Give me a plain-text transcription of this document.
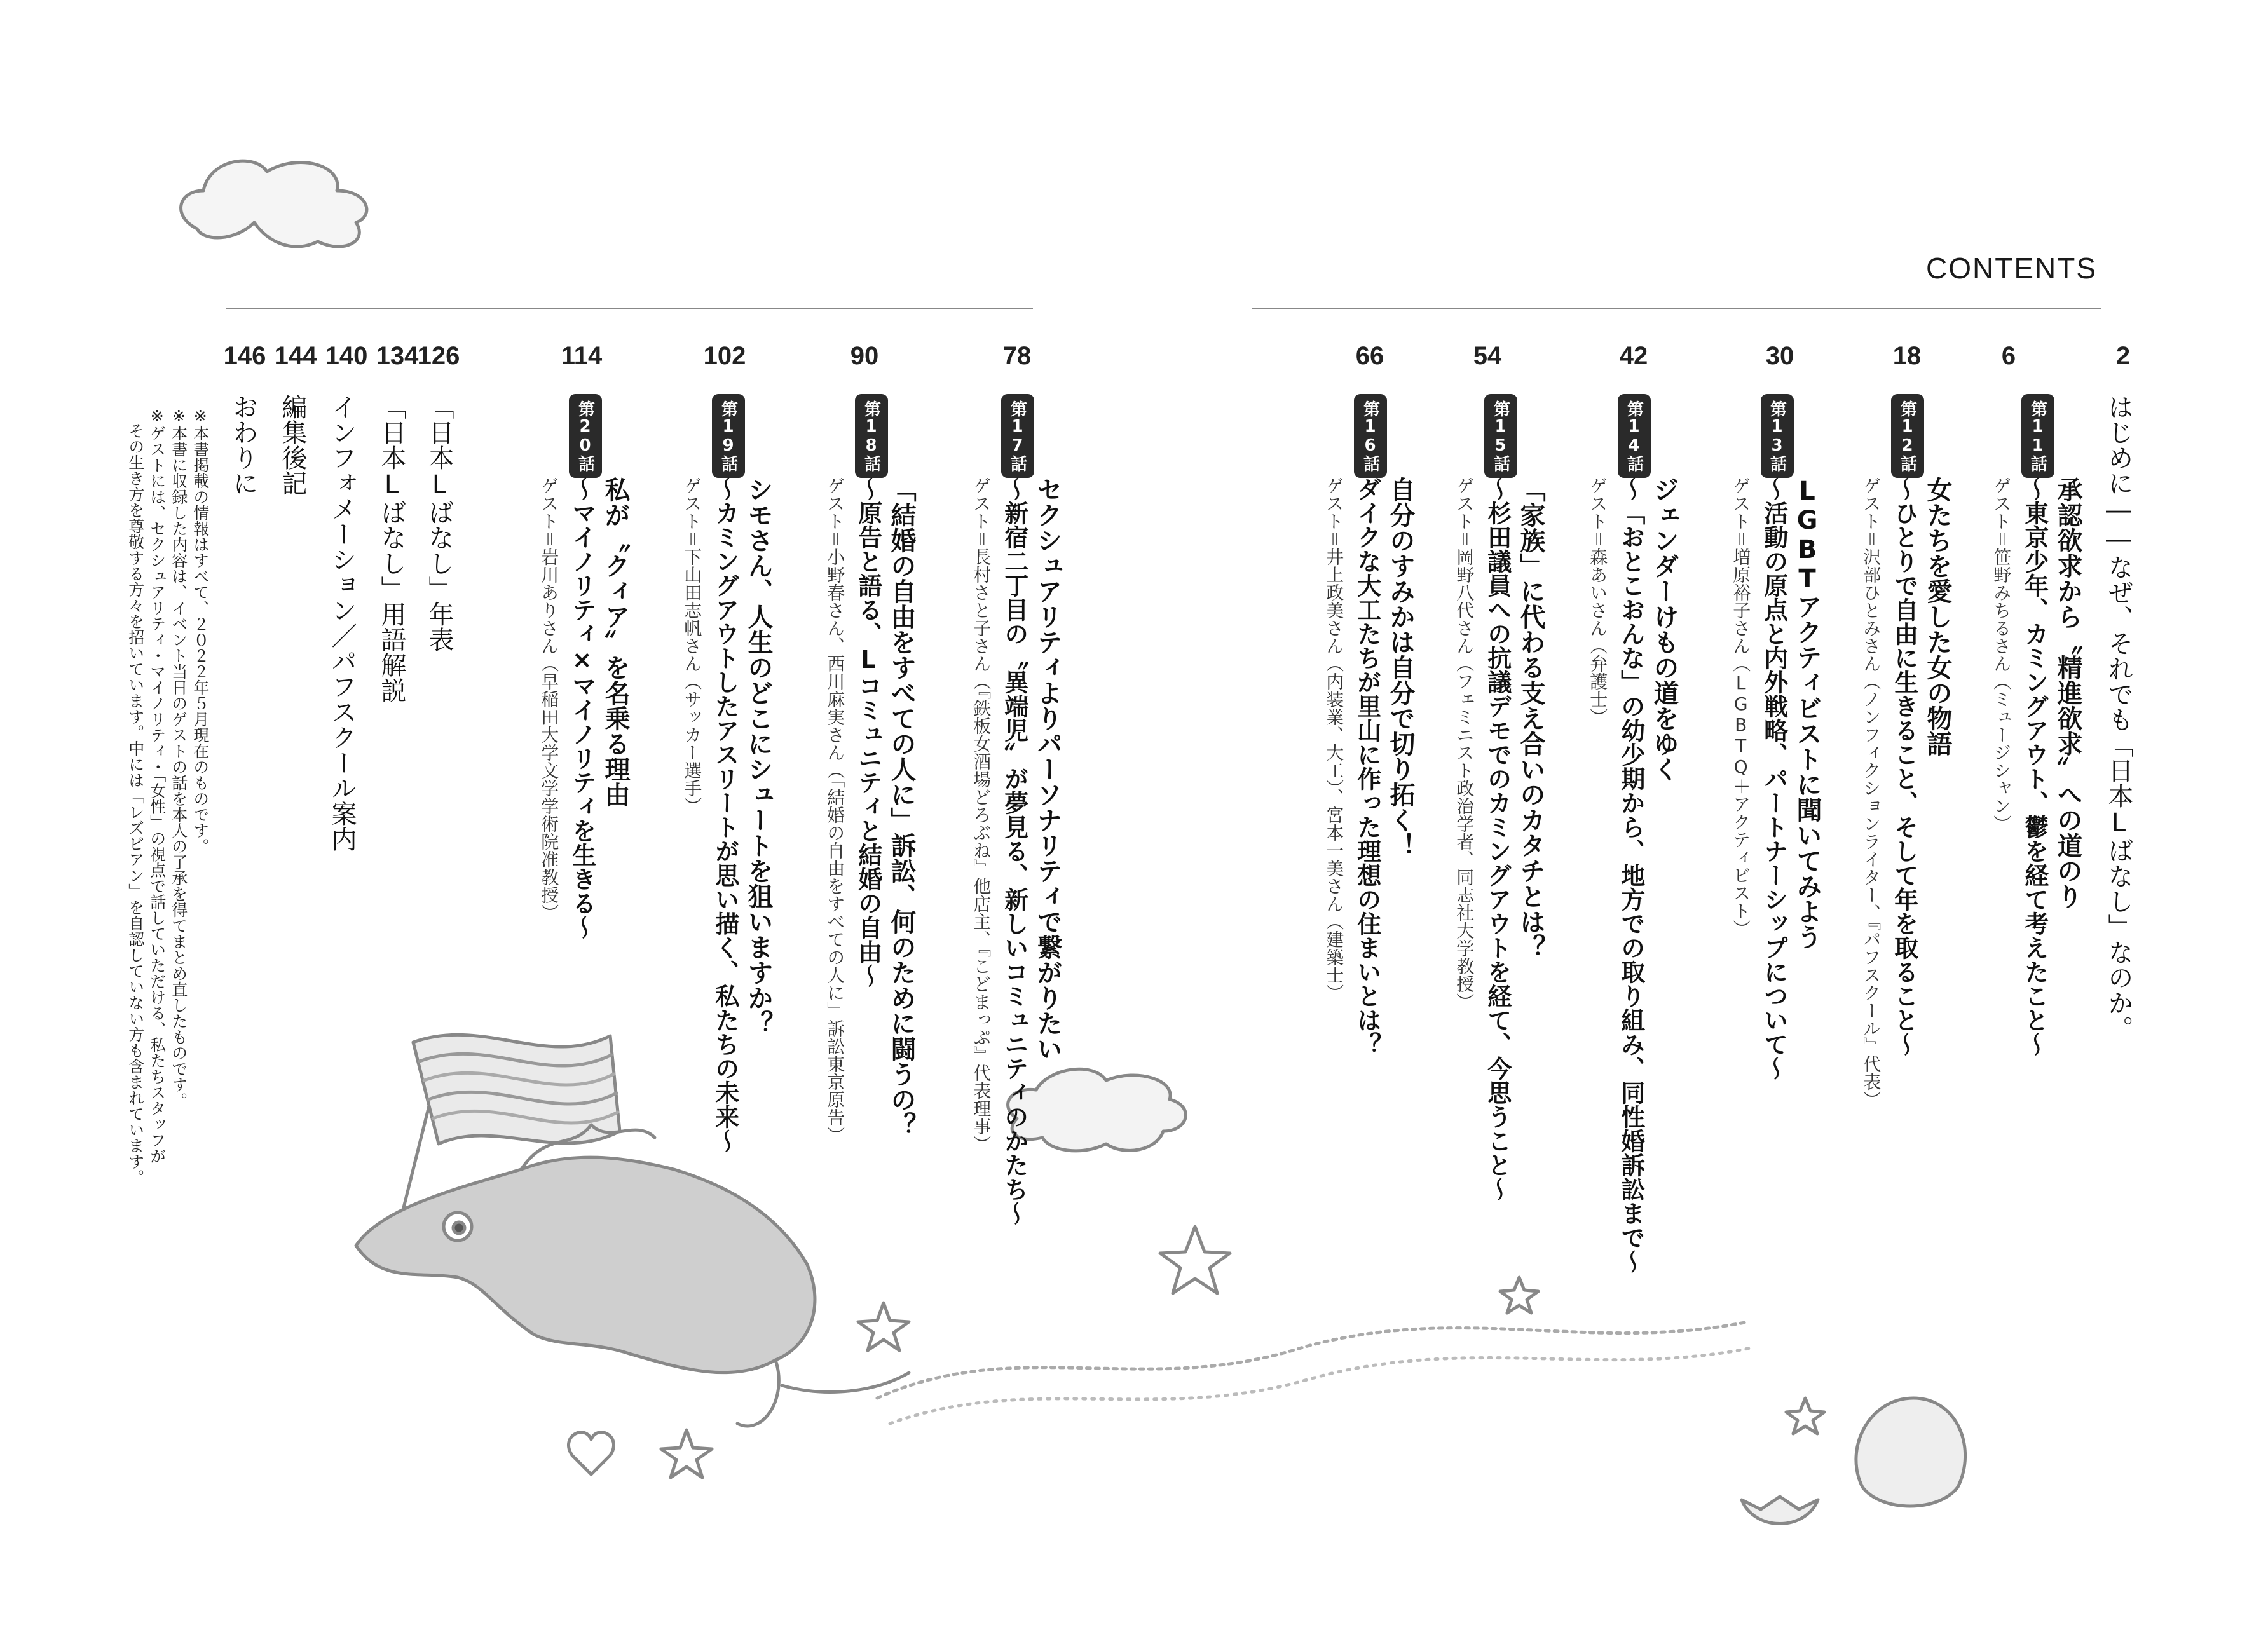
CONTENTS
2
6
18
30
42
54
66
78
90
102
114
126
134
140
144
146
はじめに――なぜ、それでも「日本Lばなし」なのか。
第11話
承認欲求から〝精進欲求〟への道のり
～東京少年、カミングアウト、鬱を経て考えたこと～
ゲスト＝笹野みちるさん（ミュージシャン）
第12話
女たちを愛した女の物語
～ひとりで自由に生きること、そして年を取ること～
ゲスト＝沢部ひとみさん（ノンフィクションライター、『パフスクール』代表）
第13話
LGBTアクティビストに聞いてみよう
～活動の原点と内外戦略、パートナーシップについて～
ゲスト＝増原裕子さん（LGBTQ＋アクティビスト）
第14話
ジェンダーけもの道をゆく
～「おとこおんな」の幼少期から、地方での取り組み、同性婚訴訟まで～
ゲスト＝森あいさん（弁護士）
第15話
「家族」に代わる支え合いのカタチとは？
～杉田議員への抗議デモでのカミングアウトを経て、今思うこと～
ゲスト＝岡野八代さん（フェミニスト政治学者、同志社大学教授）
第16話
自分のすみかは自分で切り拓く！
ダイクな大工たちが里山に作った理想の住まいとは？
ゲスト＝井上政美さん（内装業、大工）、宮本一美さん（建築士）
第17話
セクシュアリティよりパーソナリティで繋がりたい
～新宿二丁目の〝異端児〟が夢見る、新しいコミュニティのかたち～
ゲスト＝長村さと子さん（『鉄板女酒場どろぶね』他店主、『こどまっぷ』代表理事）
第18話
「結婚の自由をすべての人に」訴訟、何のために闘うの？
～原告と語る、Lコミュニティと結婚の自由～
ゲスト＝小野春さん、西川麻実さん（「結婚の自由をすべての人に」訴訟東京原告）
第19話
シモさん、人生のどこにシュートを狙いますか？
～カミングアウトしたアスリートが思い描く、私たちの未来～
ゲスト＝下山田志帆さん（サッカー選手）
第20話
私が〝クィア〟を名乗る理由
～マイノリティ×マイノリティを生きる～
ゲスト＝岩川ありさん（早稲田大学文学学術院准教授）
「日本Lばなし」年表
「日本Lばなし」用語解説
インフォメーション／パフスクール案内
編集後記
おわりに
※本書掲載の情報はすべて、２０２２年５月現在のものです。
※本書に収録した内容は、イベント当日のゲストの話を本人の了承を得てまとめ直したものです。
※ゲストには、セクシュアリティ・マイノリティ・「女性」の視点で話していただける、私たちスタッフが
その生き方を尊敬する方々を招いています。中には「レズビアン」を自認していない方も含まれています。
